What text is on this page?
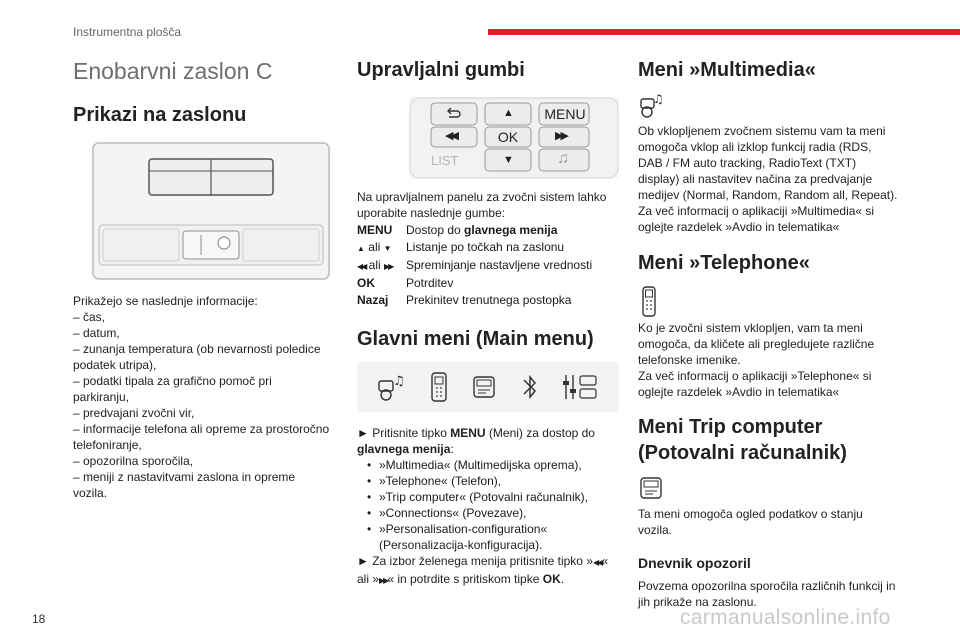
Instrumentna plošča
Enobarvni zaslon C
Prikazi na zaslonu
Prikažejo se naslednje informacije:
– čas,
– datum,
– zunanja temperatura (ob nevarnosti poledice
podatek utripa),
– podatki tipala za grafično pomoč pri parkiranju,
– predvajani zvočni vir,
– informacije telefona ali opreme za prostoročno
telefoniranje,
– opozorilna sporočila,
– meniji z nastavitvami zaslona in opreme
vozila.
Upravljalni gumbi
▲ MENU
◀◀	OK	▶▶
LIST	▼	♫
Na upravljalnem panelu za zvočni sistem lahko
uporabite naslednje gumbe:
MENU	Dostop do glavnega menija
▲ ali ▼	Listanje po točkah na zaslonu
◀◀ ali ▶▶	Spreminjanje nastavljene vrednosti
OK	Potrditev
Nazaj	Prekinitev trenutnega postopka
Glavni meni (Main menu)
♫
► Pritisnite tipko MENU (Meni) za dostop do
glavnega menija:
• »Multimedia« (Multimedijska oprema),
• »Telephone« (Telefon),
• »Trip computer« (Potovalni računalnik),
• »Connections« (Povezave),
• »Personalisation-configuration«
(Personalizacija-konfiguracija).
► Za izbor želenega menija pritisnite tipko »◀◀«
ali »▶▶« in potrdite s pritiskom tipke OK.
Meni »Multimedia«
♫
Ob vklopljenem zvočnem sistemu vam ta meni
omogoča vklop ali izklop funkcij radia (RDS,
DAB / FM auto tracking, RadioText (TXT)
display) ali nastavitev načina za predvajanje
medijev (Normal, Random, Random all, Repeat).
Za več informacij o aplikaciji »Multimedia« si
oglejte razdelek »Avdio in telematika«
Meni »Telephone«
Ko je zvočni sistem vklopljen, vam ta meni
omogoča, da kličete ali pregledujete različne
telefonske imenike.
Za več informacij o aplikaciji »Telephone« si
oglejte razdelek »Avdio in telematika«
Meni Trip computer
(Potovalni računalnik)
Ta meni omogoča ogled podatkov o stanju
vozila.
Dnevnik opozoril
Povzema opozorilna sporočila različnih funkcij in
jih prikaže na zaslonu.
18	carmanualsonline.info
